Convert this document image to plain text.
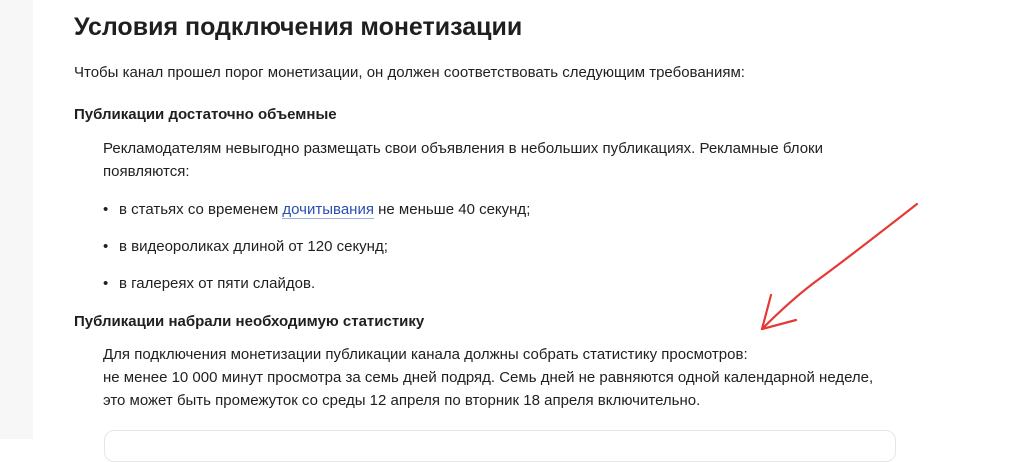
Условия подключения монетизации
Чтобы канал прошел порог монетизации, он должен соответствовать следующим требованиям:
Публикации достаточно объемные
Рекламодателям невыгодно размещать свои объявления в небольших публикациях. Рекламные блоки появляются:
• в статьях со временем дочитывания не меньше 40 секунд;
• в видеороликах длиной от 120 секунд;
• в галереях от пяти слайдов.
Публикации набрали необходимую статистику
Для подключения монетизации публикации канала должны собрать статистику просмотров:
не менее 10 000 минут просмотра за семь дней подряд. Семь дней не равняются одной календарной неделе, это может быть промежуток со среды 12 апреля по вторник 18 апреля включительно.
